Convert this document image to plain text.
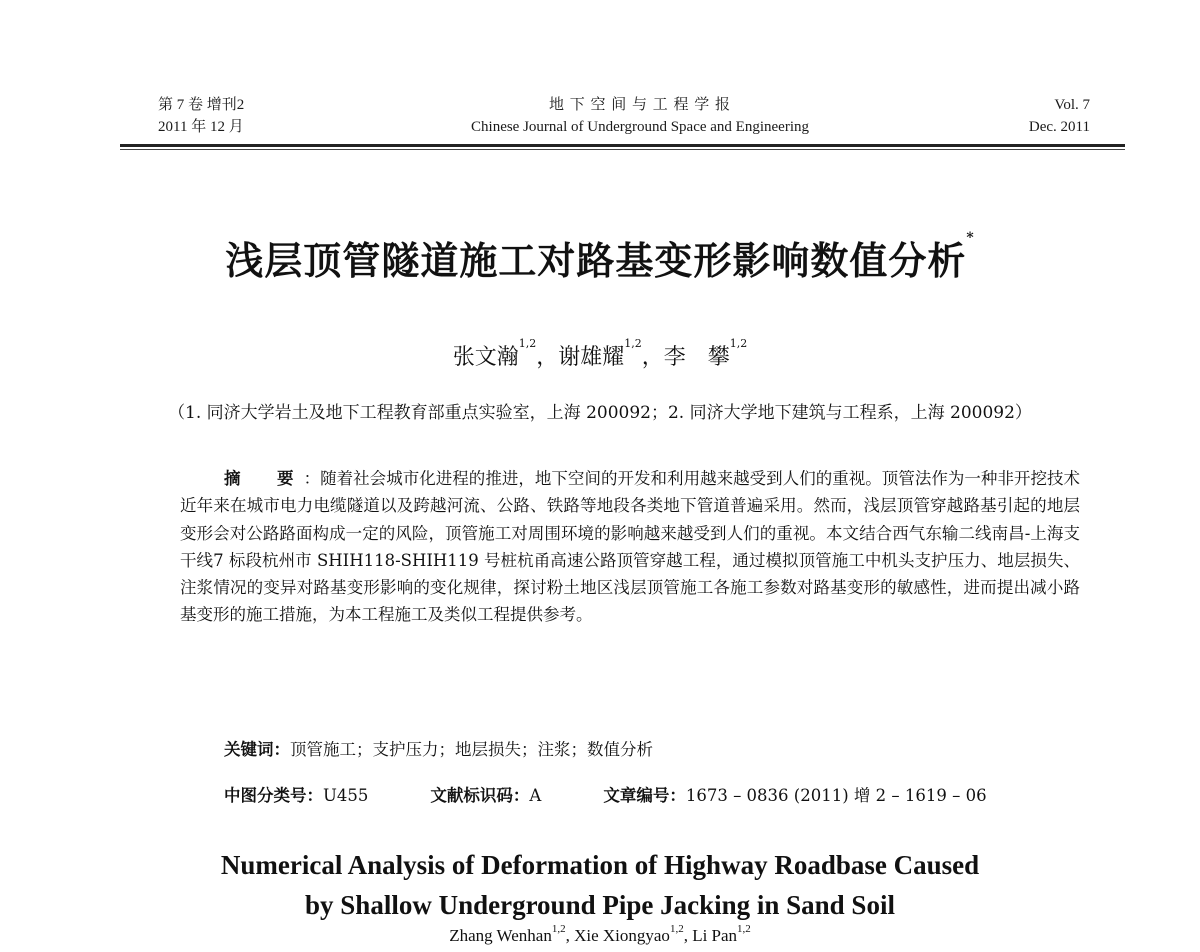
第 7 卷 增刊2
2011 年 12 月
地 下 空 间 与 工 程 学 报
Chinese Journal of Underground Space and Engineering
Vol. 7
Dec. 2011
浅层顶管隧道施工对路基变形影响数值分析*
张文瀚$^{1,2}$，谢雄耀$^{1,2}$，李　攀$^{1,2}$
（1. 同济大学岩土及地下工程教育部重点实验室，上海 200092；2. 同济大学地下建筑与工程系，上海 200092）
摘　要：随着社会城市化进程的推进，地下空间的开发和利用越来越受到人们的重视。顶管法作为一种非开挖技术近年来在城市电力电缆隧道以及跨越河流、公路、铁路等地段各类地下管道普遍采用。然而，浅层顶管穿越路基引起的地层变形会对公路路面构成一定的风险，顶管施工对周围环境的影响越来越受到人们的重视。本文结合西气东输二线南昌-上海支干线7 标段杭州市 SHIH118-SHIH119 号桩杭甬高速公路顶管穿越工程，通过模拟顶管施工中机头支护压力、地层损失、注浆情况的变异对路基变形影响的变化规律，探讨粉土地区浅层顶管施工各施工参数对路基变形的敏感性，进而提出减小路基变形的施工措施，为本工程施工及类似工程提供参考。
关键词：顶管施工；支护压力；地层损失；注浆；数值分析
中图分类号：U455	文献标识码：A	文章编号：1673 – 0836 (2011) 增 2 – 1619 – 06
Numerical Analysis of Deformation of Highway Roadbase Caused
by Shallow Underground Pipe Jacking in Sand Soil
Zhang Wenhan$^{1,2}$, Xie Xiongyao$^{1,2}$, Li Pan$^{1,2}$
